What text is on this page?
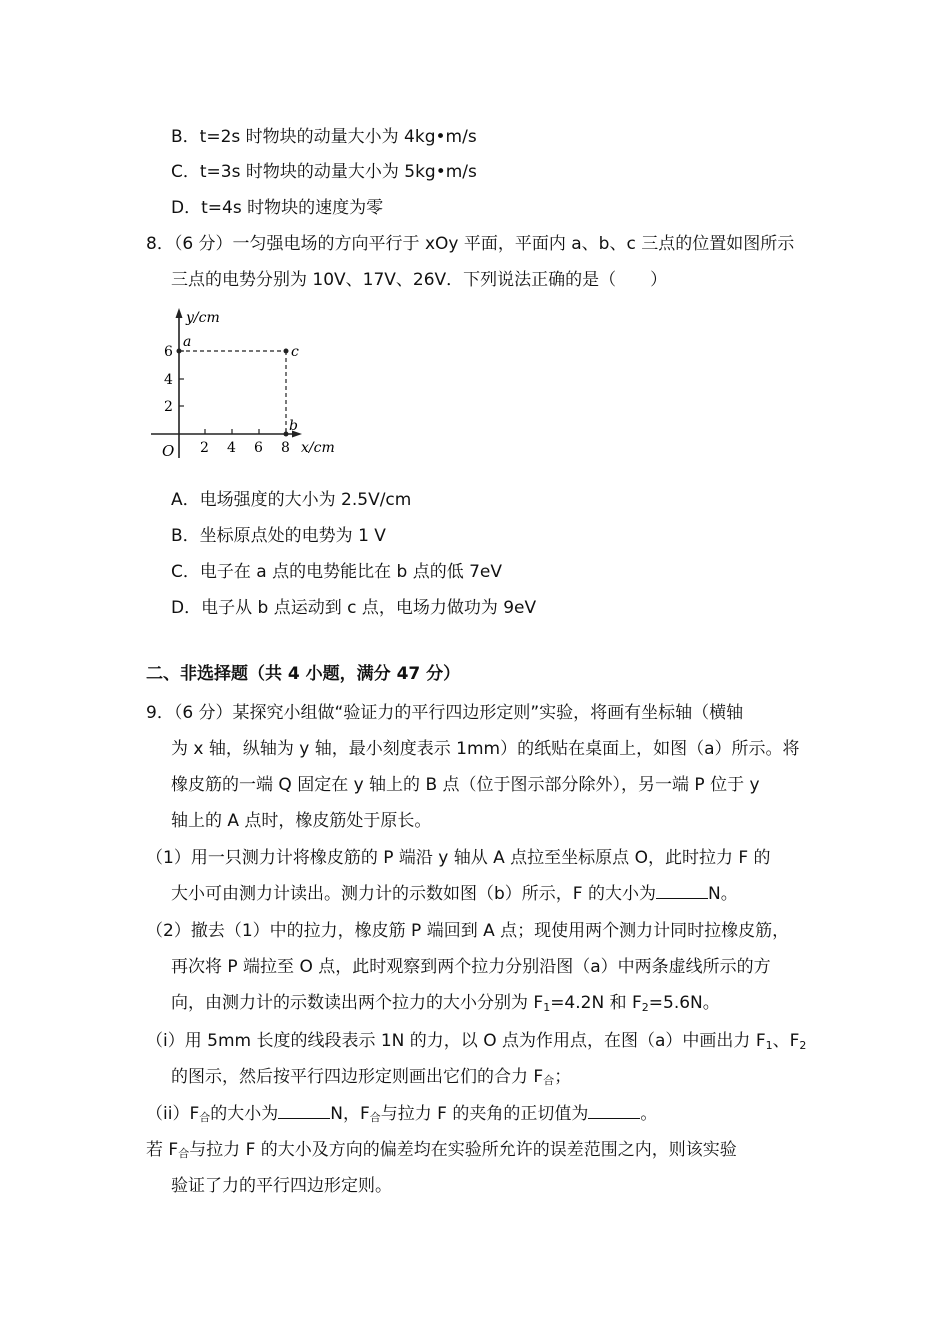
B．t=2s 时物块的动量大小为 4kg•m/s
C．t=3s 时物块的动量大小为 5kg•m/s
D．t=4s 时物块的速度为零
8．（6 分）一匀强电场的方向平行于 xOy 平面，平面内 a、b、c 三点的位置如图所示
三点的电势分别为 10V、17V、26V．下列说法正确的是（　　）
y/cm
x/cm
O
6
4
2
2 4 6 8
a
c
b
A．电场强度的大小为 2.5V/cm
B．坐标原点处的电势为 1 V
C．电子在 a 点的电势能比在 b 点的低 7eV
D．电子从 b 点运动到 c 点，电场力做功为 9eV
二、非选择题（共 4 小题，满分 47 分）
9．（6 分）某探究小组做“验证力的平行四边形定则”实验，将画有坐标轴（横轴
为 x 轴，纵轴为 y 轴，最小刻度表示 1mm）的纸贴在桌面上，如图（a）所示。将
橡皮筋的一端 Q 固定在 y 轴上的 B 点（位于图示部分除外），另一端 P 位于 y
轴上的 A 点时，橡皮筋处于原长。
（1）用一只测力计将橡皮筋的 P 端沿 y 轴从 A 点拉至坐标原点 O，此时拉力 F 的
大小可由测力计读出。测力计的示数如图（b）所示，F 的大小为	N。
（2）撤去（1）中的拉力，橡皮筋 P 端回到 A 点；现使用两个测力计同时拉橡皮筋，
再次将 P 端拉至 O 点，此时观察到两个拉力分别沿图（a）中两条虚线所示的方
向，由测力计的示数读出两个拉力的大小分别为 $F_1=4.2N$ 和 $F_2=5.6N$。
（i）用 5mm 长度的线段表示 1N 的力，以 O 点为作用点，在图（a）中画出力 $F_1$、$F_2$
的图示，然后按平行四边形定则画出它们的合力 F合；
（ii）F合的大小为	N，F合与拉力 F 的夹角的正切值为	。
若 F合与拉力 F 的大小及方向的偏差均在实验所允许的误差范围之内，则该实验
验证了力的平行四边形定则。
